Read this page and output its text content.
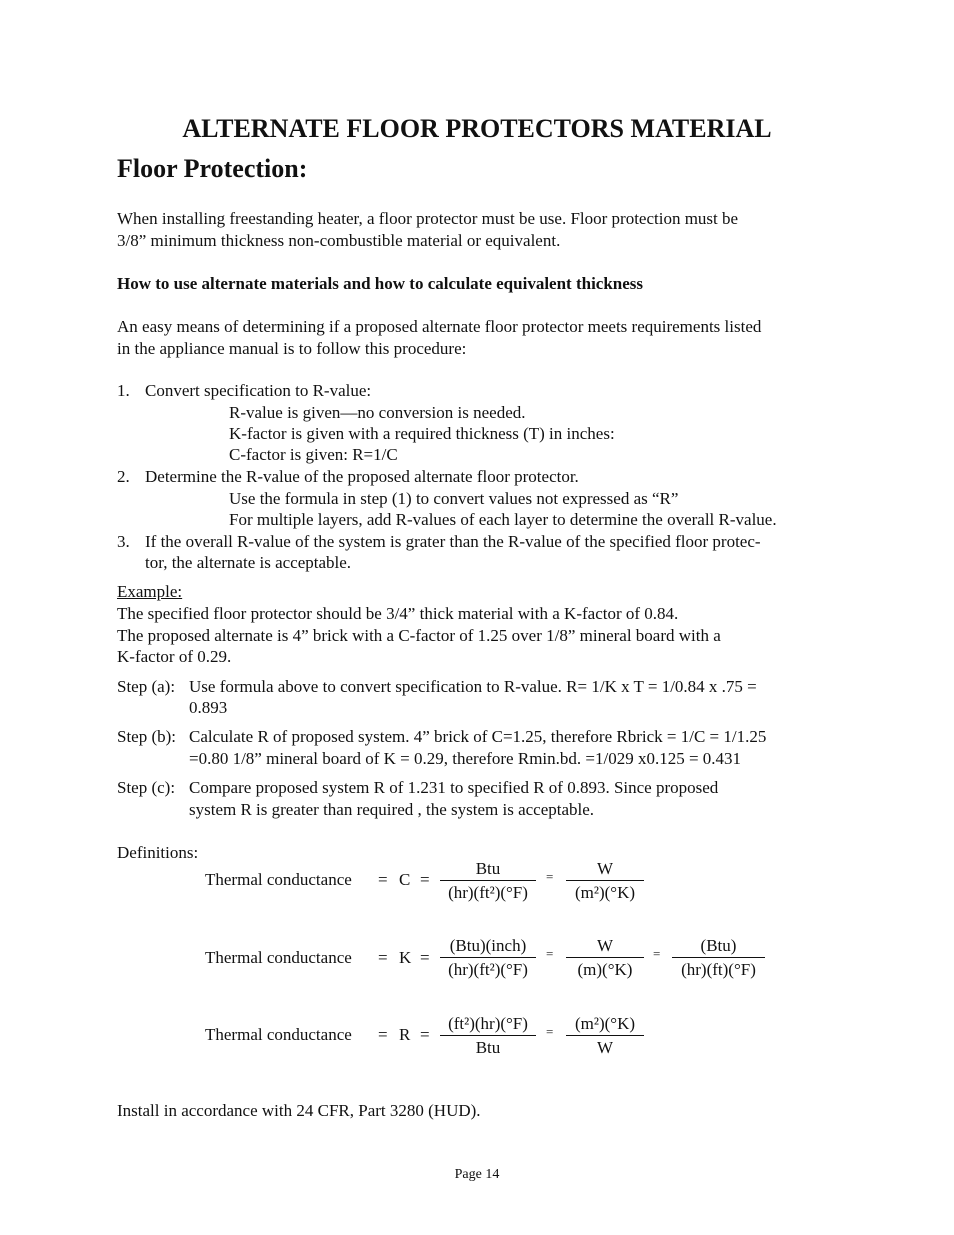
ALTERNATE FLOOR PROTECTORS MATERIAL
Floor Protection:
When installing freestanding heater, a floor protector must be use. Floor protection must be
3/8” minimum thickness non-combustible material or equivalent.
How to use alternate materials and how to calculate equivalent thickness
An easy means of determining if a proposed alternate floor protector meets requirements listed
in the appliance manual is to follow this procedure:
1. Convert specification to R-value:
R-value is given—no conversion is needed.
K-factor is given with a required thickness (T) in inches:
C-factor is given: R=1/C
2. Determine the R-value of the proposed alternate floor protector.
Use the formula in step (1) to convert values not expressed as “R”
For multiple layers, add R-values of each layer to determine the overall R-value.
3. If the overall R-value of the system is grater than the R-value of the specified floor protec-
tor, the alternate is acceptable.
Example:
The specified floor protector should be 3/4” thick material with a K-factor of 0.84.
The proposed alternate is 4” brick with a C-factor of 1.25 over 1/8” mineral board with a
K-factor of 0.29.
Step (a): Use formula above to convert specification to R-value. R= 1/K x T = 1/0.84 x .75 =
0.893
Step (b): Calculate R of proposed system. 4” brick of C=1.25, therefore Rbrick = 1/C = 1/1.25
=0.80 1/8” mineral board of K = 0.29, therefore Rmin.bd. =1/029 x0.125 = 0.431
Step (c): Compare proposed system R of 1.231 to specified R of 0.893. Since proposed
system R is greater than required , the system is acceptable.
Definitions:
Thermal conductance = C =
Btu
(hr)(ft²)(°F)
= $\frac{W}{\text{(m²)(°K)}}$
Thermal conductance = K =
(Btu)(inch)
(hr)(ft²)(°F)
= $\frac{W}{(m)(^\circ K)}$ =	(Btu)
(hr)(ft)(°F)
Thermal conductance = R =
(ft²)(hr)(°F)
Btu
= $\frac{\text{(m²)(°K)}}{W}$
Install in accordance with 24 CFR, Part 3280 (HUD).
Page 14
